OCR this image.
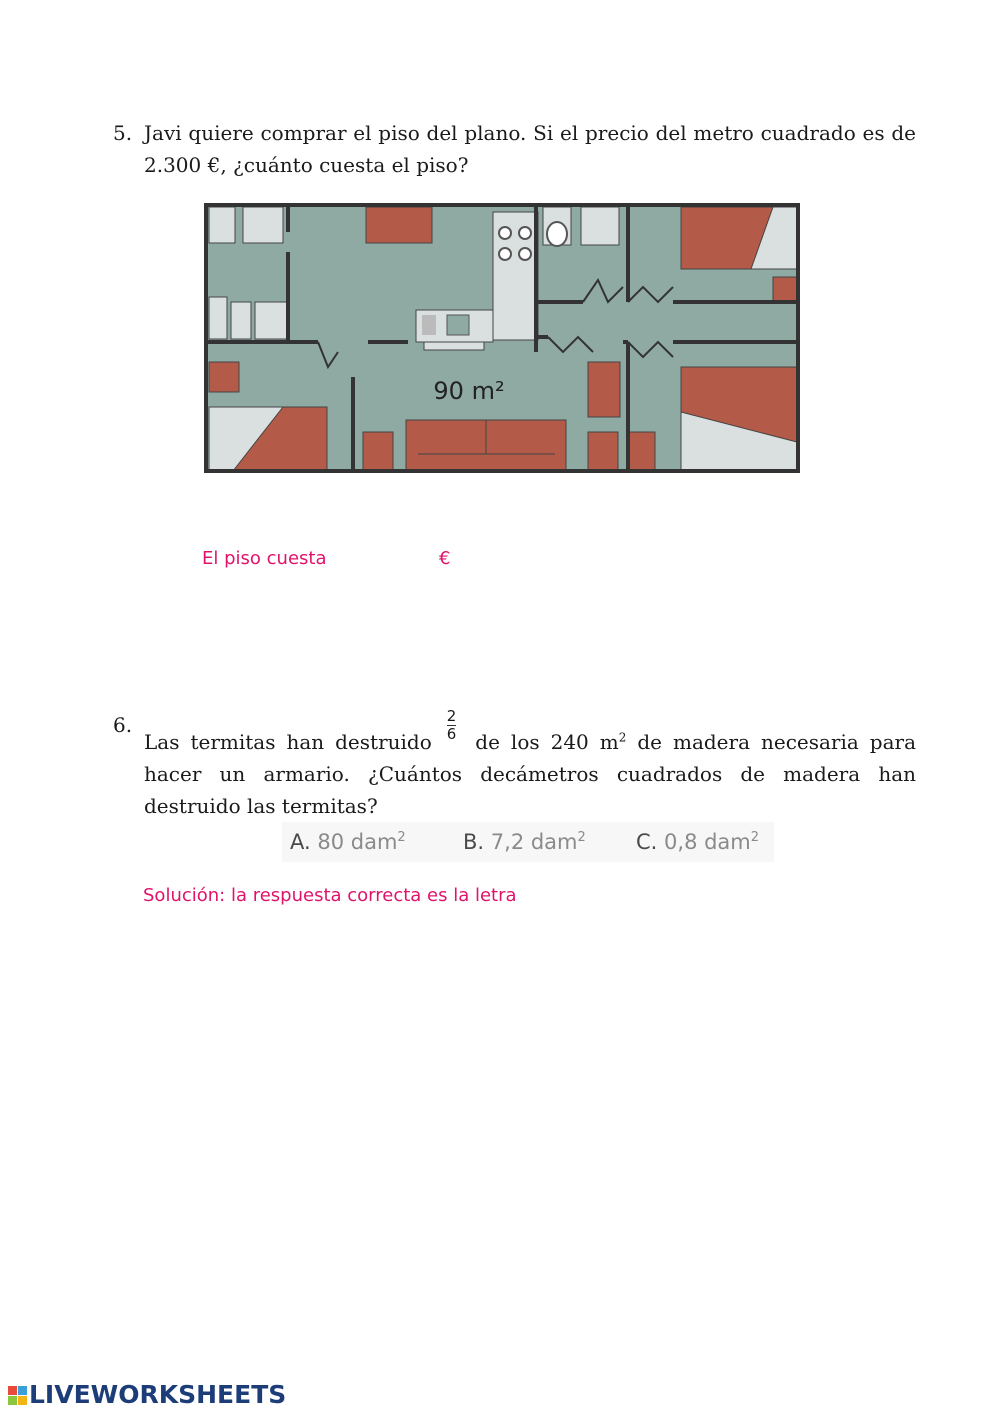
5. Javi quiere comprar el piso del plano. Si el precio del metro cuadrado es de 2.300 €, ¿cuánto cuesta el piso?
90 m²
El piso cuesta	€
6.
Las termitas han destruido $\frac{2}{6}$ de los 240 $m^2$ de madera necesaria para hacer un armario. ¿Cuántos decámetros cuadrados de madera han destruido las termitas?
A. 80 dam$^2$	B. 7,2 dam$^2$ C. 0,8 dam$^2$
Solución: la respuesta correcta es la letra
LIVEWORKSHEETS
